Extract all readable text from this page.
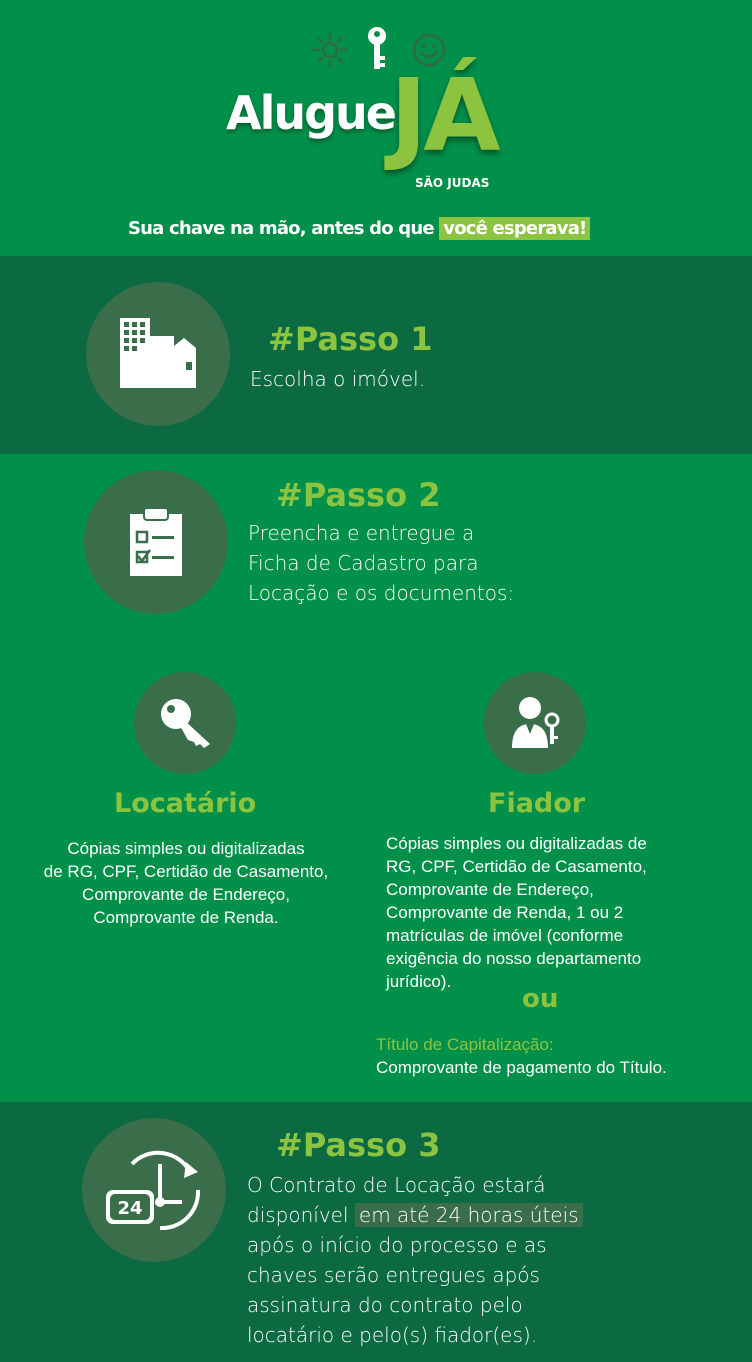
Alugue
JÁ
SÃO JUDAS
Sua chave na mão, antes do que você esperava!
#Passo 1
Escolha o imóvel.
#Passo 2
Preencha e entregue a
Ficha de Cadastro para
Locação e os documentos:
Locatário
Cópias simples ou digitalizadas
de RG, CPF, Certidão de Casamento,
Comprovante de Endereço,
Comprovante de Renda.
Fiador
Cópias simples ou digitalizadas de
RG, CPF, Certidão de Casamento,
Comprovante de Endereço,
Comprovante de Renda, 1 ou 2
matrículas de imóvel (conforme
exigência do nosso departamento
jurídico).
ou
Título de Capitalização:
Comprovante de pagamento do Título.
24
#Passo 3
O Contrato de Locação estará
disponível em até 24 horas úteis
após o início do processo e as
chaves serão entregues após
assinatura do contrato pelo
locatário e pelo(s) fiador(es).
